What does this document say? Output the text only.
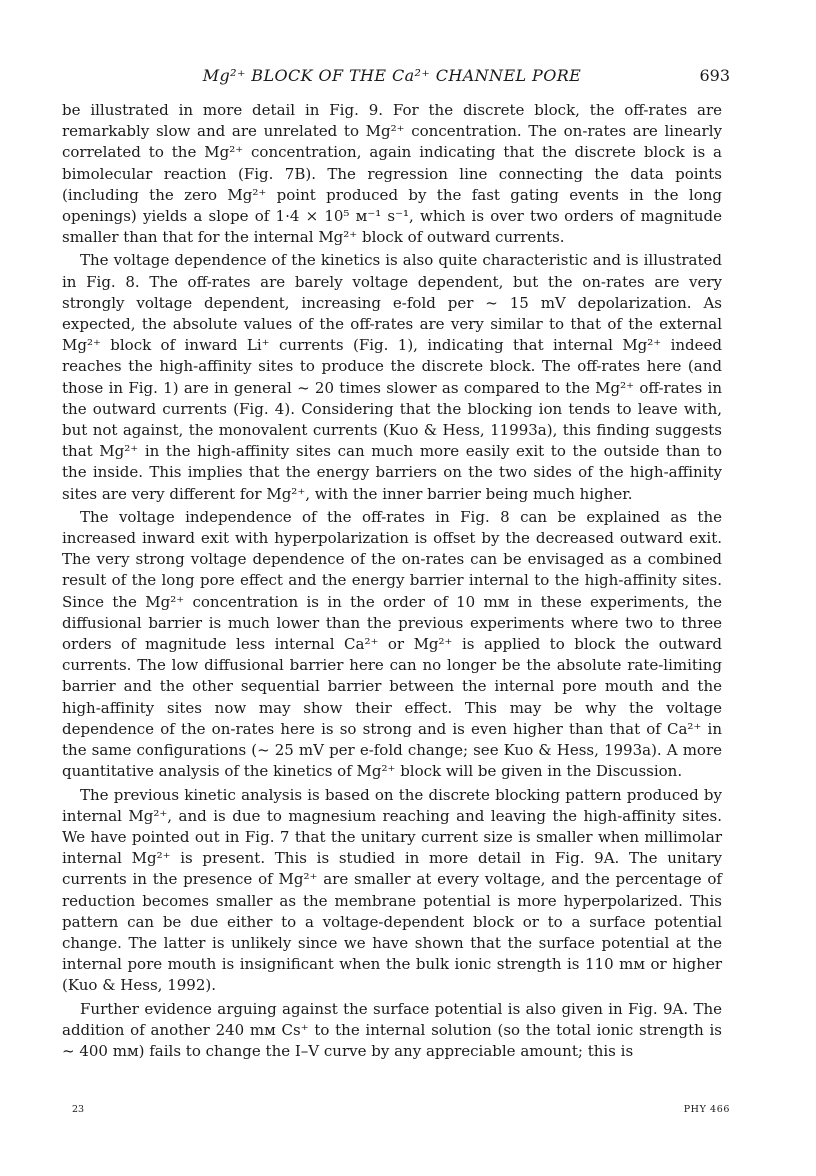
Mg²⁺ BLOCK OF THE Ca²⁺ CHANNEL PORE	693

be illustrated in more detail in Fig. 9. For the discrete block, the off-rates are remarkably slow and are unrelated to Mg²⁺ concentration. The on-rates are linearly correlated to the Mg²⁺ concentration, again indicating that the discrete block is a bimolecular reaction (Fig. 7B). The regression line connecting the data points (including the zero Mg²⁺ point produced by the fast gating events in the long openings) yields a slope of 1·4 × 10⁵ ᴍ⁻¹ s⁻¹, which is over two orders of magnitude smaller than that for the internal Mg²⁺ block of outward currents.

The voltage dependence of the kinetics is also quite characteristic and is illustrated in Fig. 8. The off-rates are barely voltage dependent, but the on-rates are very strongly voltage dependent, increasing e-fold per ~ 15 mV depolarization. As expected, the absolute values of the off-rates are very similar to that of the external Mg²⁺ block of inward Li⁺ currents (Fig. 1), indicating that internal Mg²⁺ indeed reaches the high-affinity sites to produce the discrete block. The off-rates here (and those in Fig. 1) are in general ~ 20 times slower as compared to the Mg²⁺ off-rates in the outward currents (Fig. 4). Considering that the blocking ion tends to leave with, but not against, the monovalent currents (Kuo & Hess, 11993a), this finding suggests that Mg²⁺ in the high-affinity sites can much more easily exit to the outside than to the inside. This implies that the energy barriers on the two sides of the high-affinity sites are very different for Mg²⁺, with the inner barrier being much higher.

The voltage independence of the off-rates in Fig. 8 can be explained as the increased inward exit with hyperpolarization is offset by the decreased outward exit. The very strong voltage dependence of the on-rates can be envisaged as a combined result of the long pore effect and the energy barrier internal to the high-affinity sites. Since the Mg²⁺ concentration is in the order of 10 mᴍ in these experiments, the diffusional barrier is much lower than the previous experiments where two to three orders of magnitude less internal Ca²⁺ or Mg²⁺ is applied to block the outward currents. The low diffusional barrier here can no longer be the absolute rate-limiting barrier and the other sequential barrier between the internal pore mouth and the high-affinity sites now may show their effect. This may be why the voltage dependence of the on-rates here is so strong and is even higher than that of Ca²⁺ in the same configurations (~ 25 mV per e-fold change; see Kuo & Hess, 1993a). A more quantitative analysis of the kinetics of Mg²⁺ block will be given in the Discussion.

The previous kinetic analysis is based on the discrete blocking pattern produced by internal Mg²⁺, and is due to magnesium reaching and leaving the high-affinity sites. We have pointed out in Fig. 7 that the unitary current size is smaller when millimolar internal Mg²⁺ is present. This is studied in more detail in Fig. 9A. The unitary currents in the presence of Mg²⁺ are smaller at every voltage, and the percentage of reduction becomes smaller as the membrane potential is more hyperpolarized. This pattern can be due either to a voltage-dependent block or to a surface potential change. The latter is unlikely since we have shown that the surface potential at the internal pore mouth is insignificant when the bulk ionic strength is 110 mᴍ or higher (Kuo & Hess, 1992).

Further evidence arguing against the surface potential is also given in Fig. 9A. The addition of another 240 mᴍ Cs⁺ to the internal solution (so the total ionic strength is ~ 400 mᴍ) fails to change the I–V curve by any appreciable amount; this is

23	PHY 466
